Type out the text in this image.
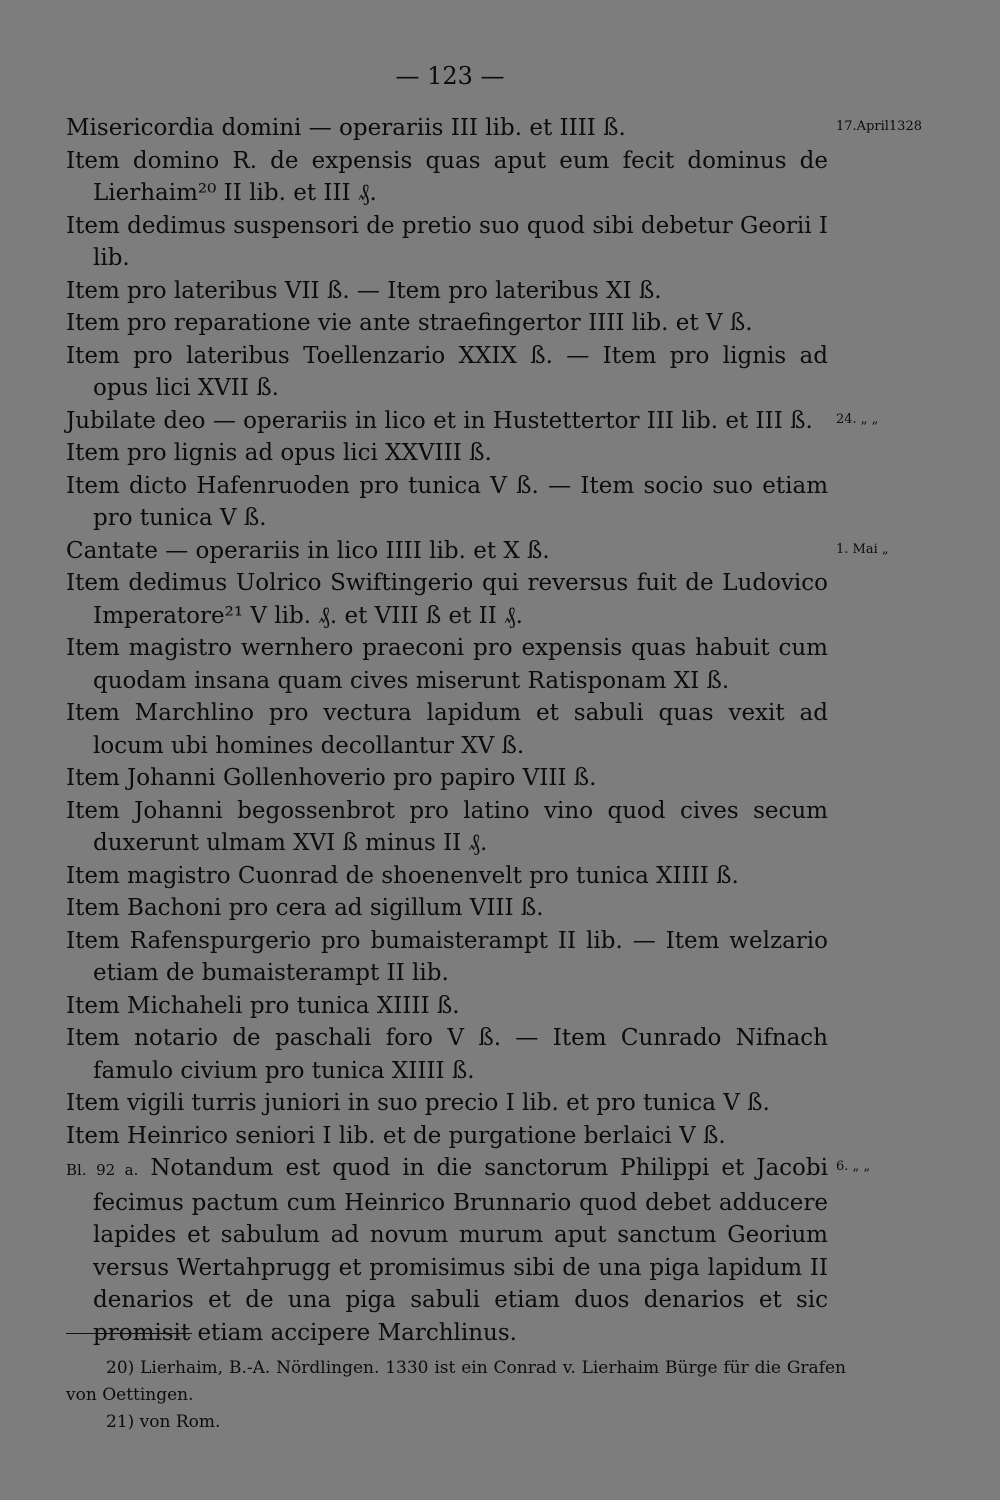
— 123 —
Misericordia domini — operariis III lib. et IIII ß.	17.April1328
Item domino R. de expensis quas aput eum fecit dominus de Lierhaim²⁰ II lib. et III ₰.
Item dedimus suspensori de pretio suo quod sibi debetur Georii I lib.
Item pro lateribus VII ß. — Item pro lateribus XI ß.
Item pro reparatione vie ante straefingertor IIII lib. et V ß.
Item pro lateribus Toellenzario XXIX ß. — Item pro lignis ad opus lici XVII ß.
Jubilate deo — operariis in lico et in Hustettertor III lib. et III ß. 24. „ „
Item pro lignis ad opus lici XXVIII ß.
Item dicto Hafenruoden pro tunica V ß. — Item socio suo etiam pro tunica V ß.
Cantate — operariis in lico IIII lib. et X ß.	1. Mai „
Item dedimus Uolrico Swiftingerio qui reversus fuit de Ludovico Imperatore²¹ V lib. ₰. et VIII ß et II ₰.
Item magistro wernhero praeconi pro expensis quas habuit cum quodam insana quam cives miserunt Ratisponam XI ß.
Item Marchlino pro vectura lapidum et sabuli quas vexit ad locum ubi homines decollantur XV ß.
Item Johanni Gollenhoverio pro papiro VIII ß.
Item Johanni begossenbrot pro latino vino quod cives secum duxerunt ulmam XVI ß minus II ₰.
Item magistro Cuonrad de shoenenvelt pro tunica XIIII ß.
Item Bachoni pro cera ad sigillum VIII ß.
Item Rafenspurgerio pro bumaisterampt II lib. — Item welzario etiam de bumaisterampt II lib.
Item Michaheli pro tunica XIIII ß.
Item notario de paschali foro V ß. — Item Cunrado Nifnach famulo civium pro tunica XIIII ß.
Item vigili turris juniori in suo precio I lib. et pro tunica V ß.
Item Heinrico seniori I lib. et de purgatione berlaici V ß.
Bl. 92 a. Notandum est quod in die sanctorum Philippi et Jacobi fecimus pactum cum Heinrico Brunnario quod debet adducere lapides et sabulum ad novum murum aput sanctum Georium versus Wertahprugg et promisimus sibi de una piga lapidum II denarios et de una piga sabuli etiam duos denarios et sic promisit etiam accipere Marchlinus.
6. „ „
20) Lierhaim, B.-A. Nördlingen. 1330 ist ein Conrad v. Lierhaim Bürge für die Grafen von Oettingen.
21) von Rom.
